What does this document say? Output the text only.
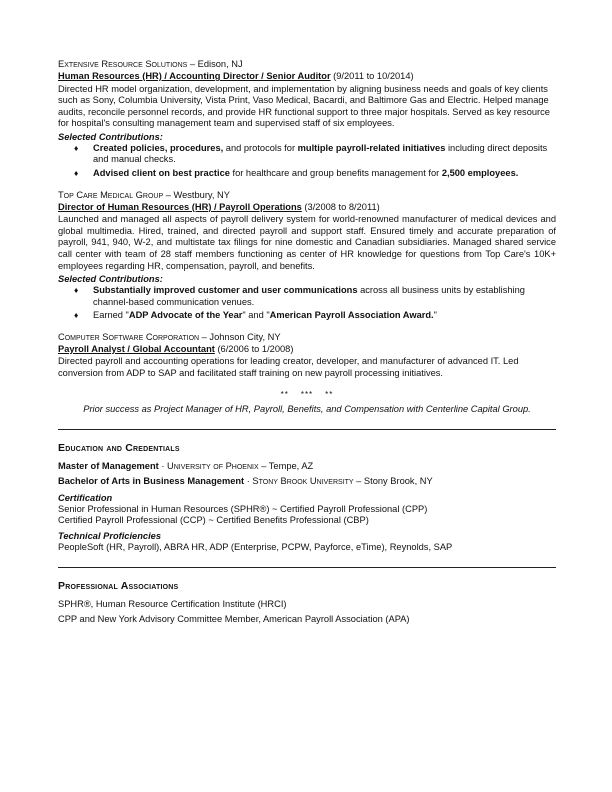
Extensive Resource Solutions – Edison, NJ
Human Resources (HR) / Accounting Director / Senior Auditor (9/2011 to 10/2014)
Directed HR model organization, development, and implementation by aligning business needs and goals of key clients such as Sony, Columbia University, Vista Print, Vaso Medical, Bacardi, and Baltimore Gas and Electric. Helped manage audits, reconcile personnel records, and provide HR functional support to three major hospitals. Served as key resource for hospital's consulting management team and supervised staff of six employees.
Selected Contributions:
♦ Created policies, procedures, and protocols for multiple payroll-related initiatives including direct deposits and manual checks.
♦ Advised client on best practice for healthcare and group benefits management for 2,500 employees.
Top Care Medical Group – Westbury, NY
Director of Human Resources (HR) / Payroll Operations (3/2008 to 8/2011)
Launched and managed all aspects of payroll delivery system for world-renowned manufacturer of medical devices and global multimedia. Hired, trained, and directed payroll and support staff. Ensured timely and accurate preparation of payroll, 941, 940, W-2, and multistate tax filings for nine domestic and Canadian subsidiaries. Managed shared service call center with team of 28 staff members functioning as center of HR knowledge for questions from Top Care's 10K+ employees regarding HR, compensation, payroll, and benefits.
Selected Contributions:
♦ Substantially improved customer and user communications across all business units by establishing channel-based communication venues.
♦ Earned "ADP Advocate of the Year" and "American Payroll Association Award."
Computer Software Corporation – Johnson City, NY
Payroll Analyst / Global Accountant (6/2006 to 1/2008)
Directed payroll and accounting operations for leading creator, developer, and manufacturer of advanced IT. Led conversion from ADP to SAP and facilitated staff training on new payroll processing initiatives.
** *** **
Prior success as Project Manager of HR, Payroll, Benefits, and Compensation with Centerline Capital Group.
Education and Credentials
Master of Management · University of Phoenix – Tempe, AZ
Bachelor of Arts in Business Management · Stony Brook University – Stony Brook, NY
Certification
Senior Professional in Human Resources (SPHR®) ~ Certified Payroll Professional (CPP)
Certified Payroll Professional (CCP) ~ Certified Benefits Professional (CBP)
Technical Proficiencies
PeopleSoft (HR, Payroll), ABRA HR, ADP (Enterprise, PCPW, Payforce, eTime), Reynolds, SAP
Professional Associations
SPHR®, Human Resource Certification Institute (HRCI)
CPP and New York Advisory Committee Member, American Payroll Association (APA)
